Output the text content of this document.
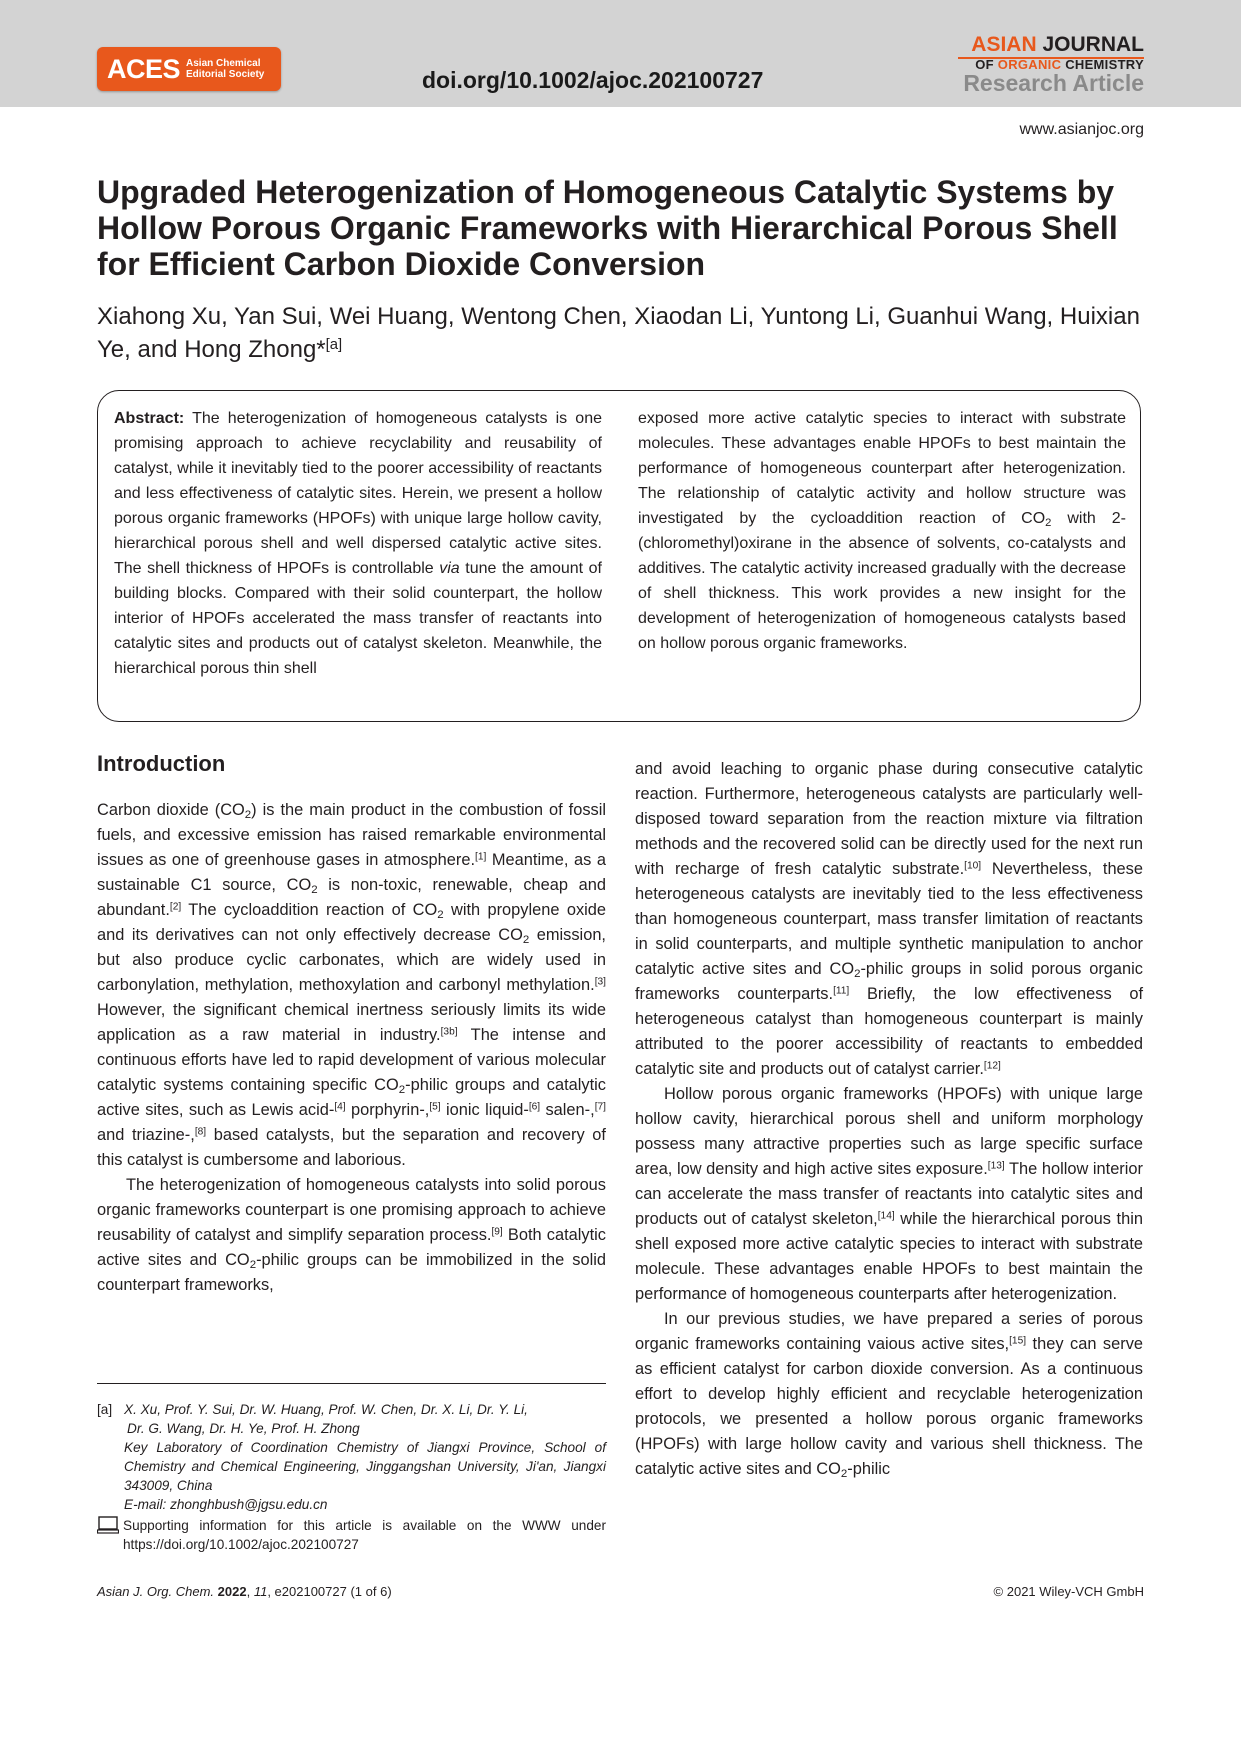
ACES Asian Chemical
Editorial Society	doi.org/10.1002/ajoc.202100727
ASIAN JOURNAL
OF ORGANIC CHEMISTRY
Research Article
www.asianjoc.org
Upgraded Heterogenization of Homogeneous Catalytic Systems by Hollow Porous Organic Frameworks with Hierarchical Porous Shell for Efficient Carbon Dioxide Conversion

Xiahong Xu, Yan Sui, Wei Huang, Wentong Chen, Xiaodan Li, Yuntong Li, Guanhui Wang, Huixian Ye, and Hong Zhong*[a]

Abstract: The heterogenization of homogeneous catalysts is one promising approach to achieve recyclability and reusability of catalyst, while it inevitably tied to the poorer accessibility of reactants and less effectiveness of catalytic sites. Herein, we present a hollow porous organic frameworks (HPOFs) with unique large hollow cavity, hierarchical porous shell and well dispersed catalytic active sites. The shell thickness of HPOFs is controllable via tune the amount of building blocks. Compared with their solid counterpart, the hollow interior of HPOFs accelerated the mass transfer of reactants into catalytic sites and products out of catalyst skeleton. Meanwhile, the hierarchical porous thin shell

exposed more active catalytic species to interact with substrate molecules. These advantages enable HPOFs to best maintain the performance of homogeneous counterpart after heterogenization. The relationship of catalytic activity and hollow structure was investigated by the cycloaddition reaction of $CO_2$ with 2-(chloromethyl)oxirane in the absence of solvents, co-catalysts and additives. The catalytic activity increased gradually with the decrease of shell thickness. This work provides a new insight for the development of heterogenization of homogeneous catalysts based on hollow porous organic frameworks.

Introduction

Carbon dioxide $(CO_2)$ is the main product in the combustion of fossil fuels, and excessive emission has raised remarkable environmental issues as one of greenhouse gases in atmosphere.[1] Meantime, as a sustainable C1 source, $CO_2$ is non-toxic, renewable, cheap and abundant.[2] The cycloaddition reaction of $CO_2$ with propylene oxide and its derivatives can not only effectively decrease $CO_2$ emission, but also produce cyclic carbonates, which are widely used in carbonylation, methylation, methoxylation and carbonyl methylation.[3] However, the significant chemical inertness seriously limits its wide application as a raw material in industry.[3b] The intense and continuous efforts have led to rapid development of various molecular catalytic systems containing specific $CO_2$-philic groups and catalytic active sites, such as Lewis acid-[4] porphyrin-,[5] ionic liquid-[6] salen-,[7] and triazine-,[8] based catalysts, but the separation and recovery of this catalyst is cumbersome and laborious.

The heterogenization of homogeneous catalysts into solid porous organic frameworks counterpart is one promising approach to achieve reusability of catalyst and simplify separation process.[9] Both catalytic active sites and $CO_2$-philic groups can be immobilized in the solid counterpart frameworks,

and avoid leaching to organic phase during consecutive catalytic reaction. Furthermore, heterogeneous catalysts are particularly well-disposed toward separation from the reaction mixture via filtration methods and the recovered solid can be directly used for the next run with recharge of fresh catalytic substrate.[10] Nevertheless, these heterogeneous catalysts are inevitably tied to the less effectiveness than homogeneous counterpart, mass transfer limitation of reactants in solid counterparts, and multiple synthetic manipulation to anchor catalytic active sites and $CO_2$-philic groups in solid porous organic frameworks counterparts.[11] Briefly, the low effectiveness of heterogeneous catalyst than homogeneous counterpart is mainly attributed to the poorer accessibility of reactants to embedded catalytic site and products out of catalyst carrier.[12]

Hollow porous organic frameworks (HPOFs) with unique large hollow cavity, hierarchical porous shell and uniform morphology possess many attractive properties such as large specific surface area, low density and high active sites exposure.[13] The hollow interior can accelerate the mass transfer of reactants into catalytic sites and products out of catalyst skeleton,[14] while the hierarchical porous thin shell exposed more active catalytic species to interact with substrate molecule. These advantages enable HPOFs to best maintain the performance of homogeneous counterparts after heterogenization.

In our previous studies, we have prepared a series of porous organic frameworks containing vaious active sites,[15] they can serve as efficient catalyst for carbon dioxide conversion. As a continuous effort to develop highly efficient and recyclable heterogenization protocols, we presented a hollow porous organic frameworks (HPOFs) with large hollow cavity and various shell thickness. The catalytic active sites and $CO_2$-philic

[a] X. Xu, Prof. Y. Sui, Dr. W. Huang, Prof. W. Chen, Dr. X. Li, Dr. Y. Li,
Dr. G. Wang, Dr. H. Ye, Prof. H. Zhong
Key Laboratory of Coordination Chemistry of Jiangxi Province, School of Chemistry and Chemical Engineering, Jinggangshan University, Ji'an, Jiangxi 343009, China
E-mail: zhonghbush@jgsu.edu.cn
Supporting information for this article is available on the WWW under https://doi.org/10.1002/ajoc.202100727
Asian J. Org. Chem. 2022, 11, e202100727 (1 of 6)	© 2021 Wiley-VCH GmbH
